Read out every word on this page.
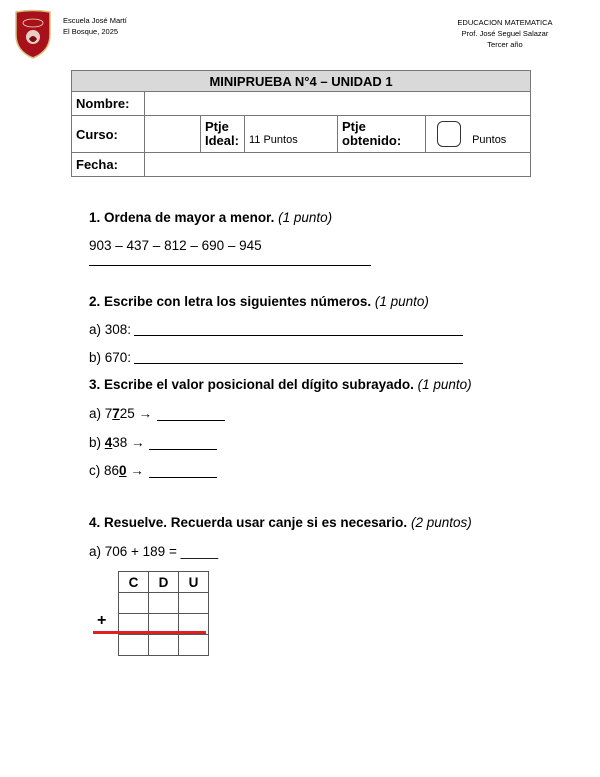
Escuela José Martí
El Bosque, 2025
EDUCACION MATEMATICA
Prof. José Seguel Salazar
Tercer año
MINIPRUEBA N°4 – UNIDAD 1					
Nombre:					
Curso:		Ptje Ideal:	11 Puntos	Ptje obtenido:	Puntos
Fecha:					
1. Ordena de mayor a menor. (1 punto)
903 – 437 – 812 – 690 – 945
2. Escribe con letra los siguientes números. (1 punto)
a) 308:
b) 670:
3. Escribe el valor posicional del dígito subrayado. (1 punto)
a) 7725 →
b) 438 →
c) 860 →
4. Resuelve. Recuerda usar canje si es necesario. (2 puntos)
a) 706 + 189 = _____
C	D	U

+
